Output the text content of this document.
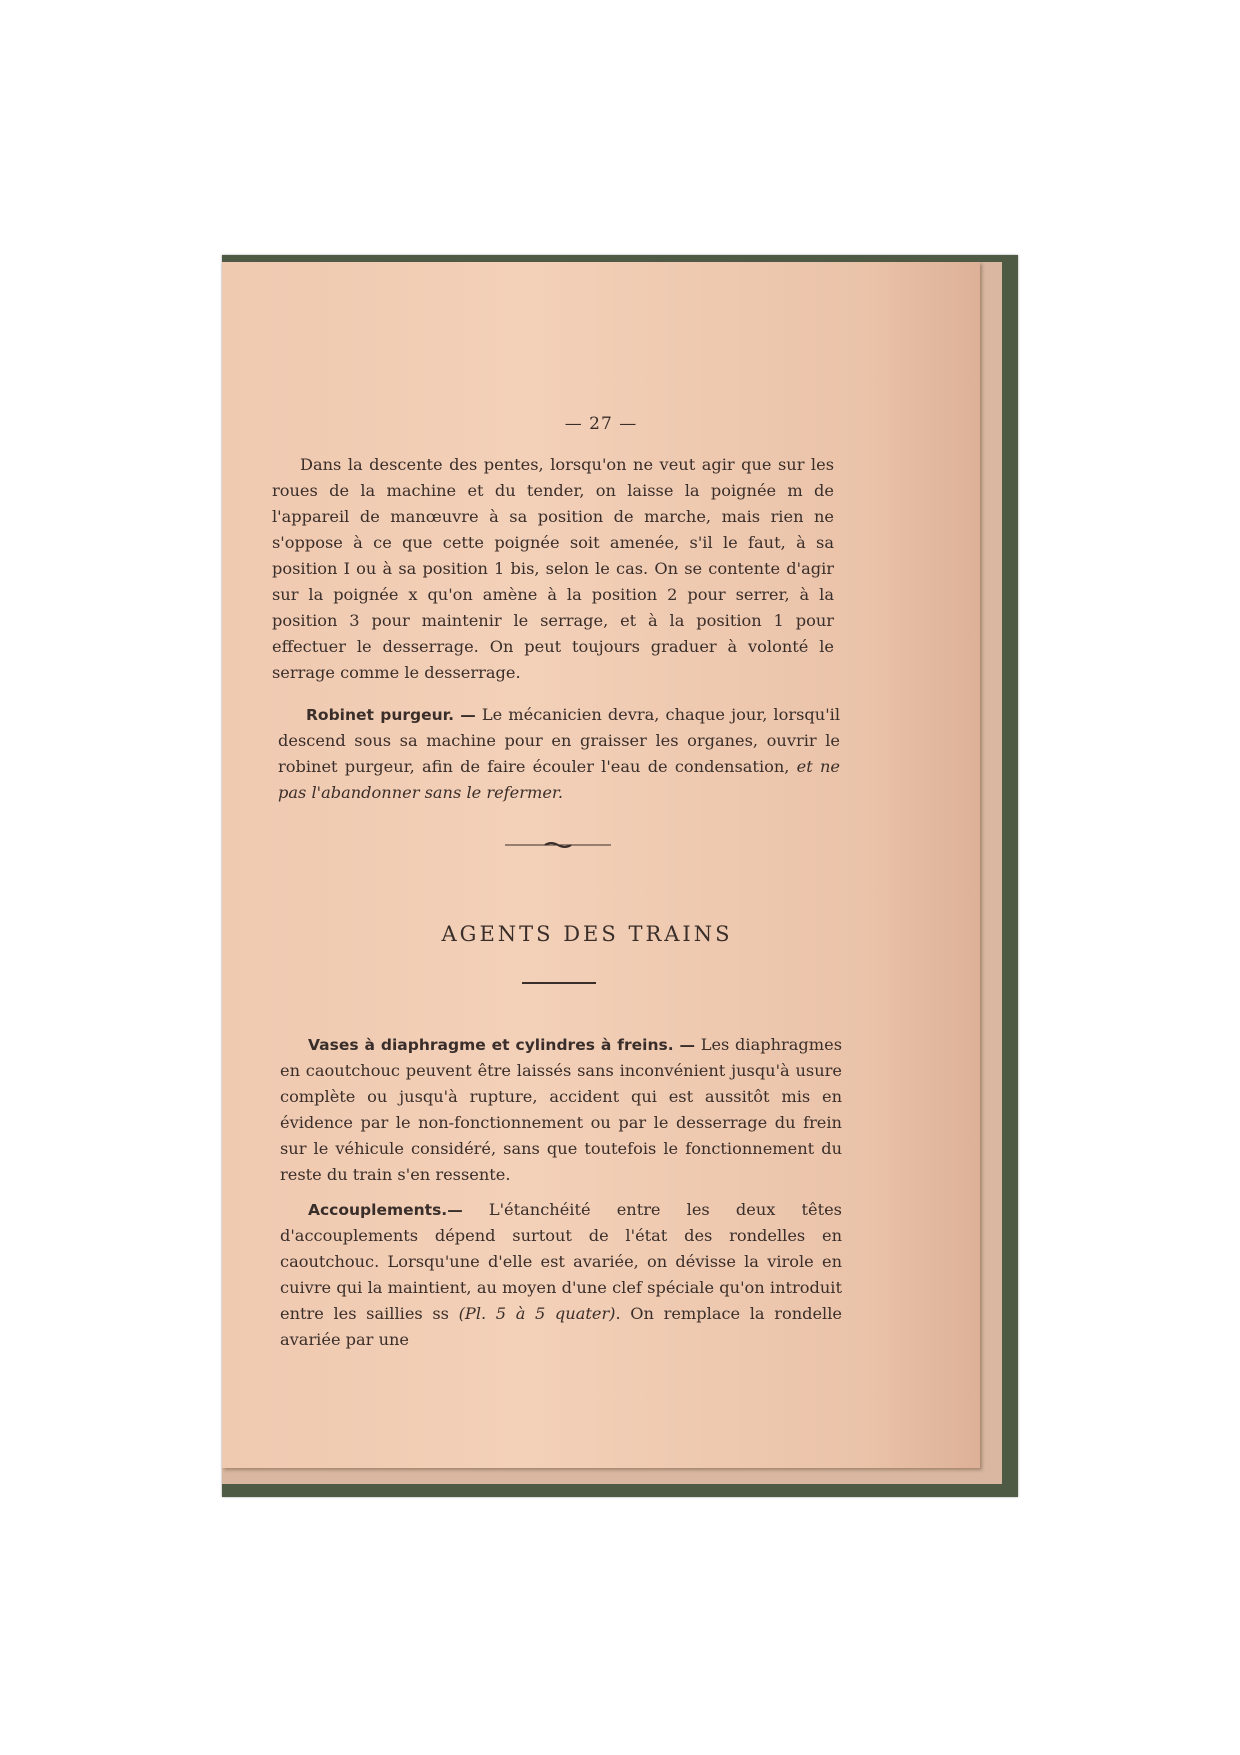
— 27 —

Dans la descente des pentes, lorsqu'on ne veut agir que sur les roues de la machine et du tender, on laisse la poignée m de l'appareil de manœuvre à sa position de marche, mais rien ne s'oppose à ce que cette poignée soit amenée, s'il le faut, à sa position I ou à sa position 1 bis, selon le cas. On se contente d'agir sur la poignée x qu'on amène à la position 2 pour serrer, à la position 3 pour maintenir le serrage, et à la position 1 pour effectuer le desserrage. On peut toujours graduer à volonté le serrage comme le desserrage.

Robinet purgeur. — Le mécanicien devra, chaque jour, lorsqu'il descend sous sa machine pour en graisser les organes, ouvrir le robinet purgeur, afin de faire écouler l'eau de condensation, et ne pas l'abandonner sans le refermer.

AGENTS DES TRAINS

Vases à diaphragme et cylindres à freins. — Les diaphragmes en caoutchouc peuvent être laissés sans inconvénient jusqu'à usure complète ou jusqu'à rupture, accident qui est aussitôt mis en évidence par le non-fonctionnement ou par le desserrage du frein sur le véhicule considéré, sans que toutefois le fonctionnement du reste du train s'en ressente.

Accouplements.— L'étanchéité entre les deux têtes d'accouplements dépend surtout de l'état des rondelles en caoutchouc. Lorsqu'une d'elle est avariée, on dévisse la virole en cuivre qui la maintient, au moyen d'une clef spéciale qu'on introduit entre les saillies ss (Pl. 5 à 5 quater). On remplace la rondelle avariée par une
